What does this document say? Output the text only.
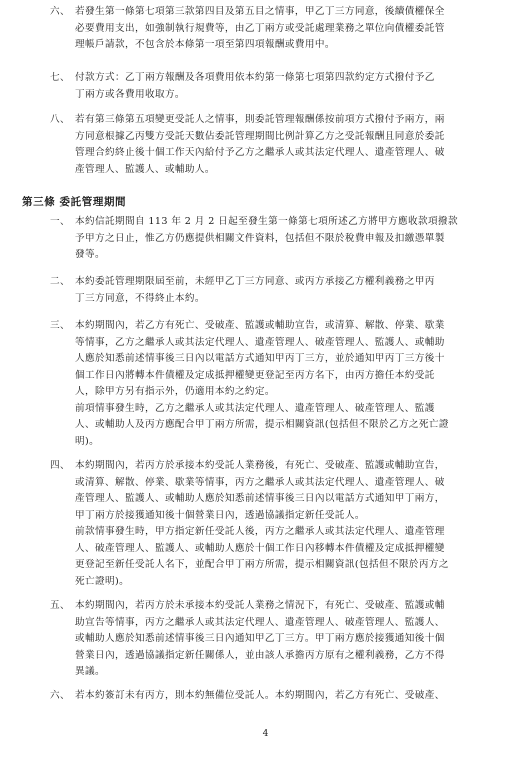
六、 若發生第一條第七項第三款第四目及第五目之情事，甲乙丁三方同意，後續債權保全
必要費用支出，如強制執行規費等，由乙丁兩方或受託處理業務之單位向債權委託管
理帳戶請款，不包含於本條第一項至第四項報酬或費用中。
七、 付款方式：乙丁兩方報酬及各項費用依本約第一條第七項第四款約定方式撥付予乙
丁兩方或各費用收取方。
八、 若有第三條第五項變更受託人之情事，則委託管理報酬係按前項方式撥付予兩方，兩
方同意根據乙丙雙方受託天數佔委託管理期間比例計算乙方之受託報酬且同意於委託
管理合約終止後十個工作天內給付予乙方之繼承人或其法定代理人、遺產管理人、破
產管理人、監護人、或輔助人。
第三條 委託管理期間
一、 本約信託期間自 113 年 2 月 2 日起至發生第一條第七項所述乙方將甲方應收款項撥款
予甲方之日止，惟乙方仍應提供相關文件資料，包括但不限於稅費申報及扣繳憑單製
發等。
二、 本約委託管理期限屆至前，未經甲乙丁三方同意、或丙方承接乙方權利義務之甲丙
丁三方同意，不得終止本約。
三、 本約期間內，若乙方有死亡、受破產、監護或輔助宣告，或清算、解散、停業、歇業
等情事，乙方之繼承人或其法定代理人、遺產管理人、破產管理人、監護人、或輔助
人應於知悉前述情事後三日內以電話方式通知甲丙丁三方，並於通知甲丙丁三方後十
個工作日內將轉本件債權及定成抵押權變更登記至丙方名下，由丙方擔任本約受託
人，除甲方另有指示外，仍適用本約之約定。
前項情事發生時，乙方之繼承人或其法定代理人、遺產管理人、破產管理人、監護
人、或輔助人及丙方應配合甲丁兩方所需，提示相關資訊(包括但不限於乙方之死亡證
明)。
四、 本約期間內，若丙方於承接本約受託人業務後，有死亡、受破產、監護或輔助宣告，
或清算、解散、停業、歇業等情事，丙方之繼承人或其法定代理人、遺產管理人、破
產管理人、監護人、或輔助人應於知悉前述情事後三日內以電話方式通知甲丁兩方，
甲丁兩方於接獲通知後十個營業日內，透過協議指定新任受託人。
前款情事發生時，甲方指定新任受託人後，丙方之繼承人或其法定代理人、遺產管理
人、破產管理人、監護人、或輔助人應於十個工作日內移轉本件債權及定成抵押權變
更登記至新任受託人名下，並配合甲丁兩方所需，提示相關資訊(包括但不限於丙方之
死亡證明)。
五、 本約期間內，若丙方於未承接本約受託人業務之情況下，有死亡、受破產、監護或輔
助宣告等情事，丙方之繼承人或其法定代理人、遺產管理人、破產管理人、監護人、
或輔助人應於知悉前述情事後三日內通知甲乙丁三方。甲丁兩方應於接獲通知後十個
營業日內，透過協議指定新任關係人，並由該人承擔丙方原有之權利義務，乙方不得
異議。
六、 若本約簽訂未有丙方，則本約無備位受託人。本約期間內，若乙方有死亡、受破產、
4
